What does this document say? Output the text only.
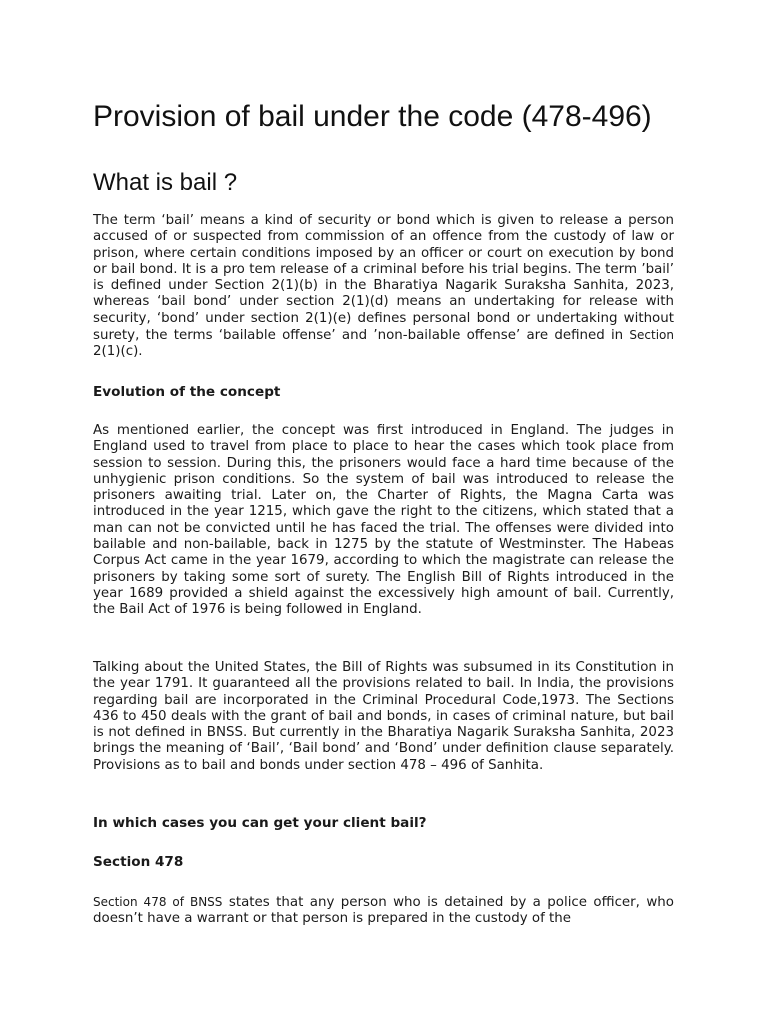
Provision of bail under the code (478-496)
What is bail ?

The term ‘bail’ means a kind of security or bond which is given to release a person accused of or suspected from commission of an offence from the custody of law or prison, where certain conditions imposed by an officer or court on execution by bond or bail bond. It is a pro tem release of a criminal before his trial begins. The term ’bail’ is defined under Section 2(1)(b) in the Bharatiya Nagarik Suraksha Sanhita, 2023, whereas ‘bail bond’ under section 2(1)(d) means an undertaking for release with security, ‘bond’ under section 2(1)(e) defines personal bond or undertaking without surety, the terms ‘bailable offense’ and ’non-bailable offense’ are defined in Section 2(1)(c).

Evolution of the concept

As mentioned earlier, the concept was first introduced in England. The judges in England used to travel from place to place to hear the cases which took place from session to session. During this, the prisoners would face a hard time because of the unhygienic prison conditions. So the system of bail was introduced to release the prisoners awaiting trial. Later on, the Charter of Rights, the Magna Carta was introduced in the year 1215, which gave the right to the citizens, which stated that a man can not be convicted until he has faced the trial. The offenses were divided into bailable and non-bailable, back in 1275 by the statute of Westminster. The Habeas Corpus Act came in the year 1679, according to which the magistrate can release the prisoners by taking some sort of surety. The English Bill of Rights introduced in the year 1689 provided a shield against the excessively high amount of bail. Currently, the Bail Act of 1976 is being followed in England.

Talking about the United States, the Bill of Rights was subsumed in its Constitution in the year 1791. It guaranteed all the provisions related to bail. In India, the provisions regarding bail are incorporated in the Criminal Procedural Code,1973. The Sections 436 to 450 deals with the grant of bail and bonds, in cases of criminal nature, but bail is not defined in BNSS. But currently in the Bharatiya Nagarik Suraksha Sanhita, 2023 brings the meaning of ‘Bail’, ‘Bail bond’ and ‘Bond’ under definition clause separately. Provisions as to bail and bonds under section 478 – 496 of Sanhita.

In which cases you can get your client bail?
Section 478

Section 478 of BNSS states that any person who is detained by a police officer, who doesn’t have a warrant or that person is prepared in the custody of the
